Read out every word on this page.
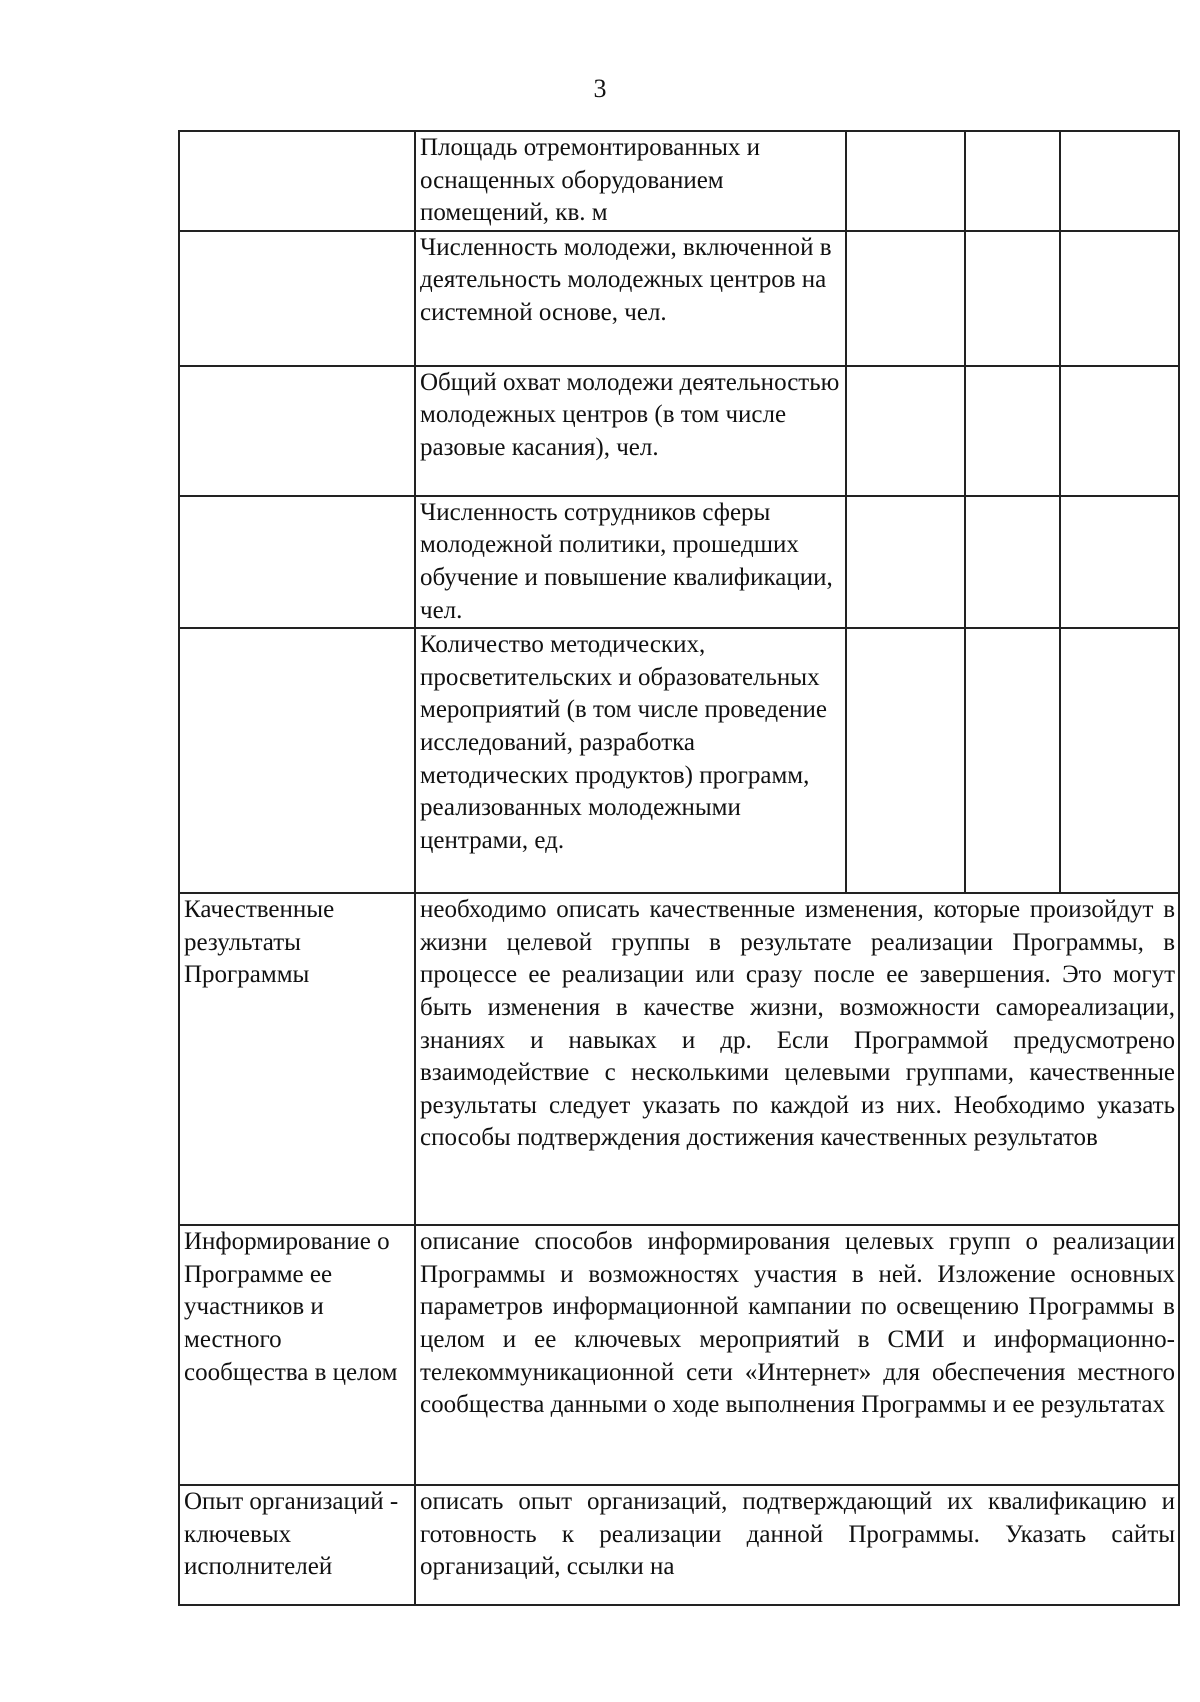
3
	Площадь отремонтированных и оснащенных оборудованием помещений, кв. м			
	Численность молодежи, включенной в деятельность молодежных центров на системной основе, чел.			
	Общий охват молодежи деятельностью молодежных центров (в том числе разовые касания), чел.			
	Численность сотрудников сферы молодежной политики, прошедших обучение и повышение квалификации, чел.			
	Количество методических, просветительских и образовательных мероприятий (в том числе проведение исследований, разработка методических продуктов) программ, реализованных молодежными центрами, ед.			
Качественные результаты Программы	необходимо описать качественные изменения, которые произойдут в жизни целевой группы в результате реализации Программы, в процессе ее реализации или сразу после ее завершения. Это могут быть изменения в качестве жизни, возможности самореализации, знаниях и навыках и др. Если Программой предусмотрено взаимодействие с несколькими целевыми группами, качественные результаты следует указать по каждой из них. Необходимо указать способы подтверждения достижения качественных результатов			
Информирование о Программе ее участников и местного сообщества в целом	описание способов информирования целевых групп о реализации Программы и возможностях участия в ней. Изложение основных параметров информационной кампании по освещению Программы в целом и ее ключевых мероприятий в СМИ и информационно-телекоммуникационной сети «Интернет» для обеспечения местного сообщества данными о ходе выполнения Программы и ее результатах			
Опыт организаций - ключевых исполнителей	описать опыт организаций, подтверждающий их квалификацию и готовность к реализации данной Программы. Указать сайты организаций, ссылки на			
